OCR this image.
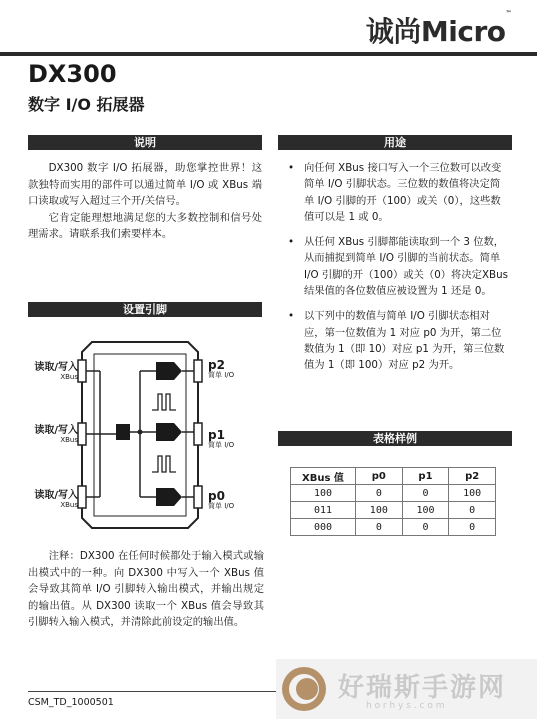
诚尚Micro™
DX300
数字 I/O 拓展器
说明

DX300 数字 I/O 拓展器，助您掌控世界！这款独特而实用的部件可以通过简单 I/O 或 XBus 端口读取或写入超过三个开/关信号。

它肯定能理想地满足您的大多数控制和信号处理需求。请联系我们索要样本。

设置引脚
读取/写入
XBus
读取/写入
XBus
读取/写入
XBus
p2
简单 I/O
p1
简单 I/O
p0
简单 I/O
注释：DX300 在任何时候都处于输入模式或输出模式中的一种。向 DX300 中写入一个 XBus 值会导致其简单 I/O 引脚转入输出模式，并输出规定的输出值。从 DX300 读取一个 XBus 值会导致其引脚转入输入模式，并清除此前设定的输出值。
用途
• 向任何 XBus 接口写入一个三位数可以改变简单 I/O 引脚状态。三位数的数值将决定简单 I/O 引脚的开（100）或关（0），这些数值可以是 1 或 0。
• 从任何 XBus 引脚都能读取到一个 3 位数，从而捕捉到简单 I/O 引脚的当前状态。简单 I/O 引脚的开（100）或关（0）将决定XBus 结果值的各位数值应被设置为 1 还是 0。
• 以下列中的数值与简单 I/O 引脚状态相对应，第一位数值为 1 对应 p0 为开，第二位数值为 1（即 10）对应 p1 为开，第三位数值为 1（即 100）对应 p2 为开。
表格样例
XBus 值	p0	p1	p2
100	0	0	100
011	100	100	0
000	0	0	0
CSM_TD_1000501	好瑞斯手游网
h o r h y s . c o m
